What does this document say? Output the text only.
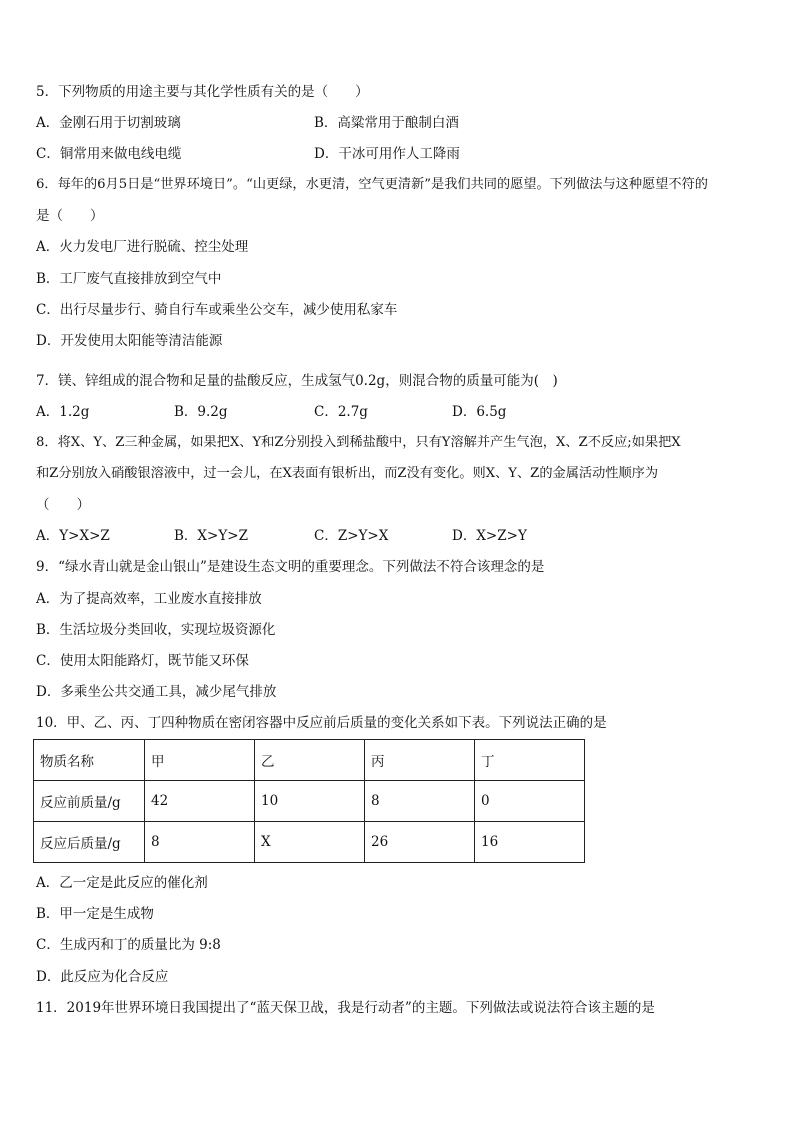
5．下列物质的用途主要与其化学性质有关的是（　　）
A．金刚石用于切割玻璃	B．高粱常用于酿制白酒
C．铜常用来做电线电缆	D．干冰可用作人工降雨
6．每年的6月5日是“世界环境日”。“山更绿，水更清，空气更清新”是我们共同的愿望。下列做法与这种愿望不符的
是（　　）
A．火力发电厂进行脱硫、控尘处理
B．工厂废气直接排放到空气中
C．出行尽量步行、骑自行车或乘坐公交车，减少使用私家车
D．开发使用太阳能等清洁能源
7．镁、锌组成的混合物和足量的盐酸反应，生成氢气0.2g，则混合物的质量可能为(　)
A．1.2g	B．9.2g	C．2.7g	D．6.5g
8．将X、Y、Z三种金属，如果把X、Y和Z分别投入到稀盐酸中，只有Y溶解并产生气泡，X、Z不反应;如果把X
和Z分别放入硝酸银溶液中，过一会儿，在X表面有银析出，而Z没有变化。则X、Y、Z的金属活动性顺序为
（　　）
A．Y>X>Z	B．X>Y>Z	C．Z>Y>X	D．X>Z>Y
9．“绿水青山就是金山银山”是建设生态文明的重要理念。下列做法不符合该理念的是
A．为了提高效率，工业废水直接排放
B．生活垃圾分类回收，实现垃圾资源化
C．使用太阳能路灯，既节能又环保
D．多乘坐公共交通工具，减少尾气排放
10．甲、乙、丙、丁四种物质在密闭容器中反应前后质量的变化关系如下表。下列说法正确的是
物质名称	甲	乙	丙	丁
反应前质量/g	42	10	8	0
反应后质量/g	8	X	26	16
A．乙一定是此反应的催化剂
B．甲一定是生成物
C．生成丙和丁的质量比为 9:8
D．此反应为化合反应
11．2019年世界环境日我国提出了“蓝天保卫战，我是行动者”的主题。下列做法或说法符合该主题的是
